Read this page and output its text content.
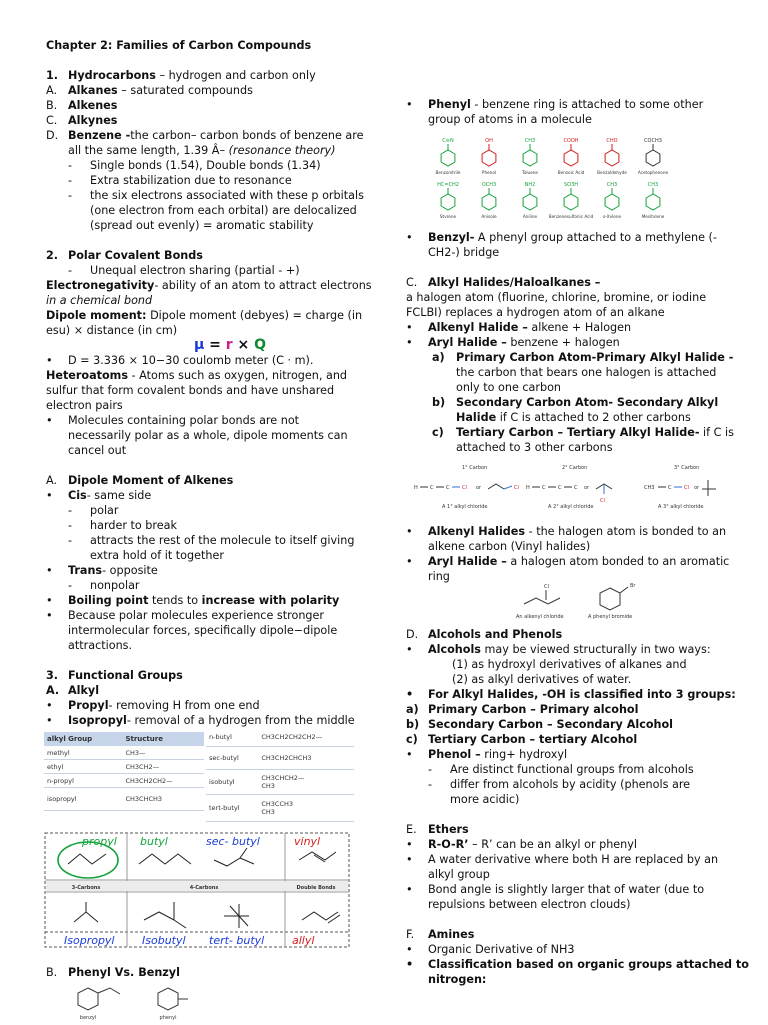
Chapter 2: Families of Carbon Compounds
1. Hydrocarbons – hydrogen and carbon only
A. Alkanes – saturated compounds
B. Alkenes
C. Alkynes
D. Benzene -the carbon– carbon bonds of benzene are
all the same length, 1.39 Â– (resonance theory)
- Single bonds (1.54), Double bonds (1.34)
- Extra stabilization due to resonance
- the six electrons associated with these p orbitals
(one electron from each orbital) are delocalized
(spread out evenly) = aromatic stability
2. Polar Covalent Bonds
- Unequal electron sharing (partial - +)
Electronegativity- ability of an atom to attract electrons
in a chemical bond
Dipole moment: Dipole moment (debyes) = charge (in
esu) × distance (in cm)
μ = r × Q
• D = 3.336 × 10−30 coulomb meter (C · m).
Heteroatoms - Atoms such as oxygen, nitrogen, and
sulfur that form covalent bonds and have unshared
electron pairs
• Molecules containing polar bonds are not
necessarily polar as a whole, dipole moments can
cancel out
A. Dipole Moment of Alkenes
• Cis- same side
- polar
- harder to break
- attracts the rest of the molecule to itself giving
extra hold of it together
• Trans- opposite
- nonpolar
• Boiling point tends to increase with polarity
• Because polar molecules experience stronger
intermolecular forces, specifically dipole−dipole
attractions.
3. Functional Groups
A. Alkyl
• Propyl- removing H from one end
• Isopropyl- removal of a hydrogen from the middle
alkyl Group	Structure
methyl	CH3—
ethyl	CH3CH2—
n-propyl	CH3CH2CH2—
isopropyl	CH3CHCH3
n-butyl	CH3CH2CH2CH2—
sec-butyl	CH3CH2CHCH3
isobutyl	CH3CHCH2—
CH3
tert-butyl	CH3CCH3
CH3
3-Carbons	4-Carbons	Double Bonds
propyl butyl	sec- butyl	vinyl
Isopropyl	Isobutyl tert- butyl	allyl
B. Phenyl Vs. Benzyl
benzyl	phenyl
• Phenyl - benzene ring is attached to some other
group of atoms in a molecule
C≡N
Benzonitrile
OH
Phenol
CH3
Toluene
COOH
Benzoic Acid
CHO
Benzaldehyde
COCH3
Acetophenone
HC=CH2
Styrene
OCH3
Anisole
NH2
Aniline
SO3H
Benzenesulfonic Acid
CH3
o-Xylene
CH3
Mesitylene
• Benzyl- A phenyl group attached to a methylene (-
CH2-) bridge
C. Alkyl Halides/Haloalkanes –
a halogen atom (fluorine, chlorine, bromine, or iodine
FCLBI) replaces a hydrogen atom of an alkane
• Alkenyl Halide – alkene + Halogen
• Aryl Halide – benzene + halogen
a) Primary Carbon Atom-Primary Alkyl Halide -
the carbon that bears one halogen is attached
only to one carbon
b) Secondary Carbon Atom- Secondary Alkyl
Halide if C is attached to 2 other carbons
c) Tertiary Carbon – Tertiary Alkyl Halide- if C is
attached to 3 other carbons
1° Carbon	2° Carbon	3° Carbon
H C	C	Cl or	Cl H C	C	C or
Cl
CH3	C	Cl or
A 1° alkyl chloride	A 2° alkyl chloride	A 3° alkyl chloride
• Alkenyl Halides - the halogen atom is bonded to an
alkene carbon (Vinyl halides)
• Aryl Halide – a halogen atom bonded to an aromatic
ring
Cl	Br
An alkenyl chloride	A phenyl bromide
D. Alcohols and Phenols
• Alcohols may be viewed structurally in two ways:
(1) as hydroxyl derivatives of alkanes and
(2) as alkyl derivatives of water.
• For Alkyl Halides, -OH is classified into 3 groups:
a) Primary Carbon – Primary alcohol
b) Secondary Carbon – Secondary Alcohol
c) Tertiary Carbon – tertiary Alcohol
• Phenol – ring+ hydroxyl
- Are distinct functional groups from alcohols
- differ from alcohols by acidity (phenols are
more acidic)
E. Ethers
• R-O-R’ – R’ can be an alkyl or phenyl
• A water derivative where both H are replaced by an
alkyl group
• Bond angle is slightly larger that of water (due to
repulsions between electron clouds)
F. Amines
• Organic Derivative of NH3
• Classification based on organic groups attached to
nitrogen:
